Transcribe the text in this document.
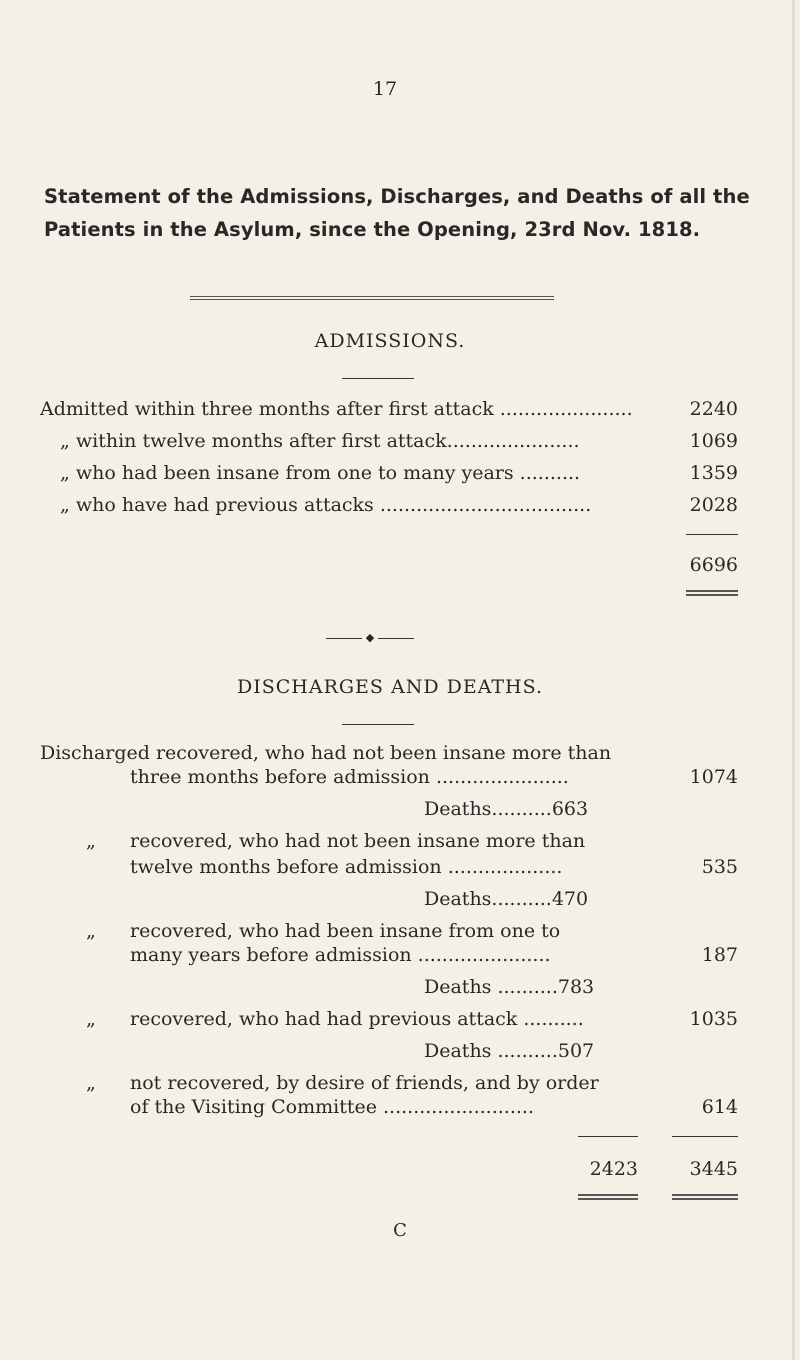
17
Statement of the Admissions, Discharges, and Deaths of all the
Patients in the Asylum, since the Opening, 23rd Nov. 1818.
ADMISSIONS.
Admitted within three months after first attack ......................	2240
„ within twelve months after first attack......................	1069
„ who had been insane from one to many years ..........	1359
„ who have had previous attacks ...................................	2028
6696
◆
DISCHARGES AND DEATHS.
Discharged recovered, who had not been insane more than
three months before admission ......................	1074
Deaths..........663
„ recovered, who had not been insane more than
twelve months before admission ...................	535
Deaths..........470
„ recovered, who had been insane from one to
many years before admission ......................	187
Deaths ..........783
„ recovered, who had had previous attack ..........	1035
Deaths ..........507
„ not recovered, by desire of friends, and by order
of the Visiting Committee .........................	614
2423	3445
C
